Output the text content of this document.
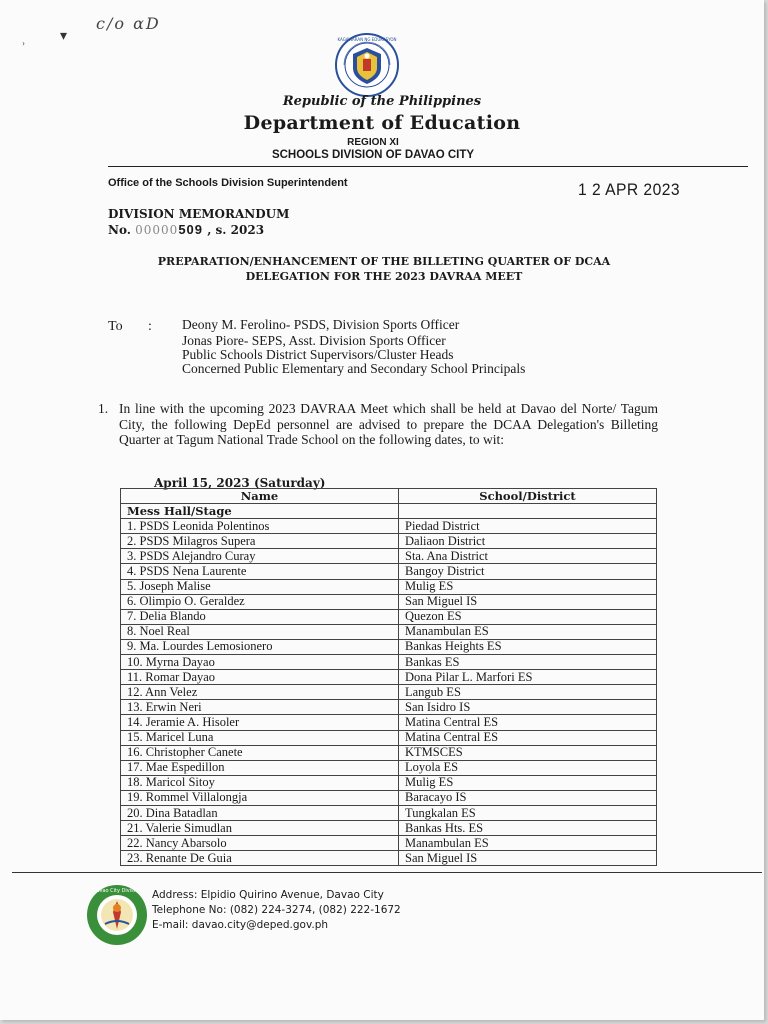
›	▾
c/o αD
KAGAWARAN NG EDUKASYON
Republic of the Philippines
Department of Education
REGION XI
SCHOOLS DIVISION OF DAVAO CITY
Office of the Schools Division Superintendent	1 2 APR 2023
DIVISION MEMORANDUM
No. 00000509 , s. 2023
PREPARATION/ENHANCEMENT OF THE BILLETING QUARTER OF DCAA
DELEGATION FOR THE 2023 DAVRAA MEET
To : Deony M. Ferolino- PSDS, Division Sports Officer
Jonas Piore- SEPS, Asst. Division Sports Officer
Public Schools District Supervisors/Cluster Heads
Concerned Public Elementary and Secondary School Principals
1. In line with the upcoming 2023 DAVRAA Meet which shall be held at Davao del Norte/ Tagum City, the following DepEd personnel are advised to prepare the DCAA Delegation's Billeting Quarter at Tagum National Trade School on the following dates, to wit:
April 15, 2023 (Saturday)
Name	School/District
Mess Hall/Stage	
1. PSDS Leonida Polentinos	Piedad District
2. PSDS Milagros Supera	Daliaon District
3. PSDS Alejandro Curay	Sta. Ana District
4. PSDS Nena Laurente	Bangoy District
5. Joseph Malise	Mulig ES
6. Olimpio O. Geraldez	San Miguel IS
7. Delia Blando	Quezon ES
8. Noel Real	Manambulan ES
9. Ma. Lourdes Lemosionero	Bankas Heights ES
10. Myrna Dayao	Bankas ES
11. Romar Dayao	Dona Pilar L. Marfori ES
12. Ann Velez	Langub ES
13. Erwin Neri	San Isidro IS
14. Jeramie A. Hisoler	Matina Central ES
15. Maricel Luna	Matina Central ES
16. Christopher Canete	KTMSCES
17. Mae Espedillon	Loyola ES
18. Maricol Sitoy	Mulig ES
19. Rommel Villalongja	Baracayo IS
20. Dina Batadlan	Tungkalan ES
21. Valerie Simudlan	Bankas Hts. ES
22. Nancy Abarsolo	Manambulan ES
23. Renante De Guia	San Miguel IS
Davao City Division Address: Elpidio Quirino Avenue, Davao City
Telephone No: (082) 224-3274, (082) 222-1672
E-mail: davao.city@deped.gov.ph
